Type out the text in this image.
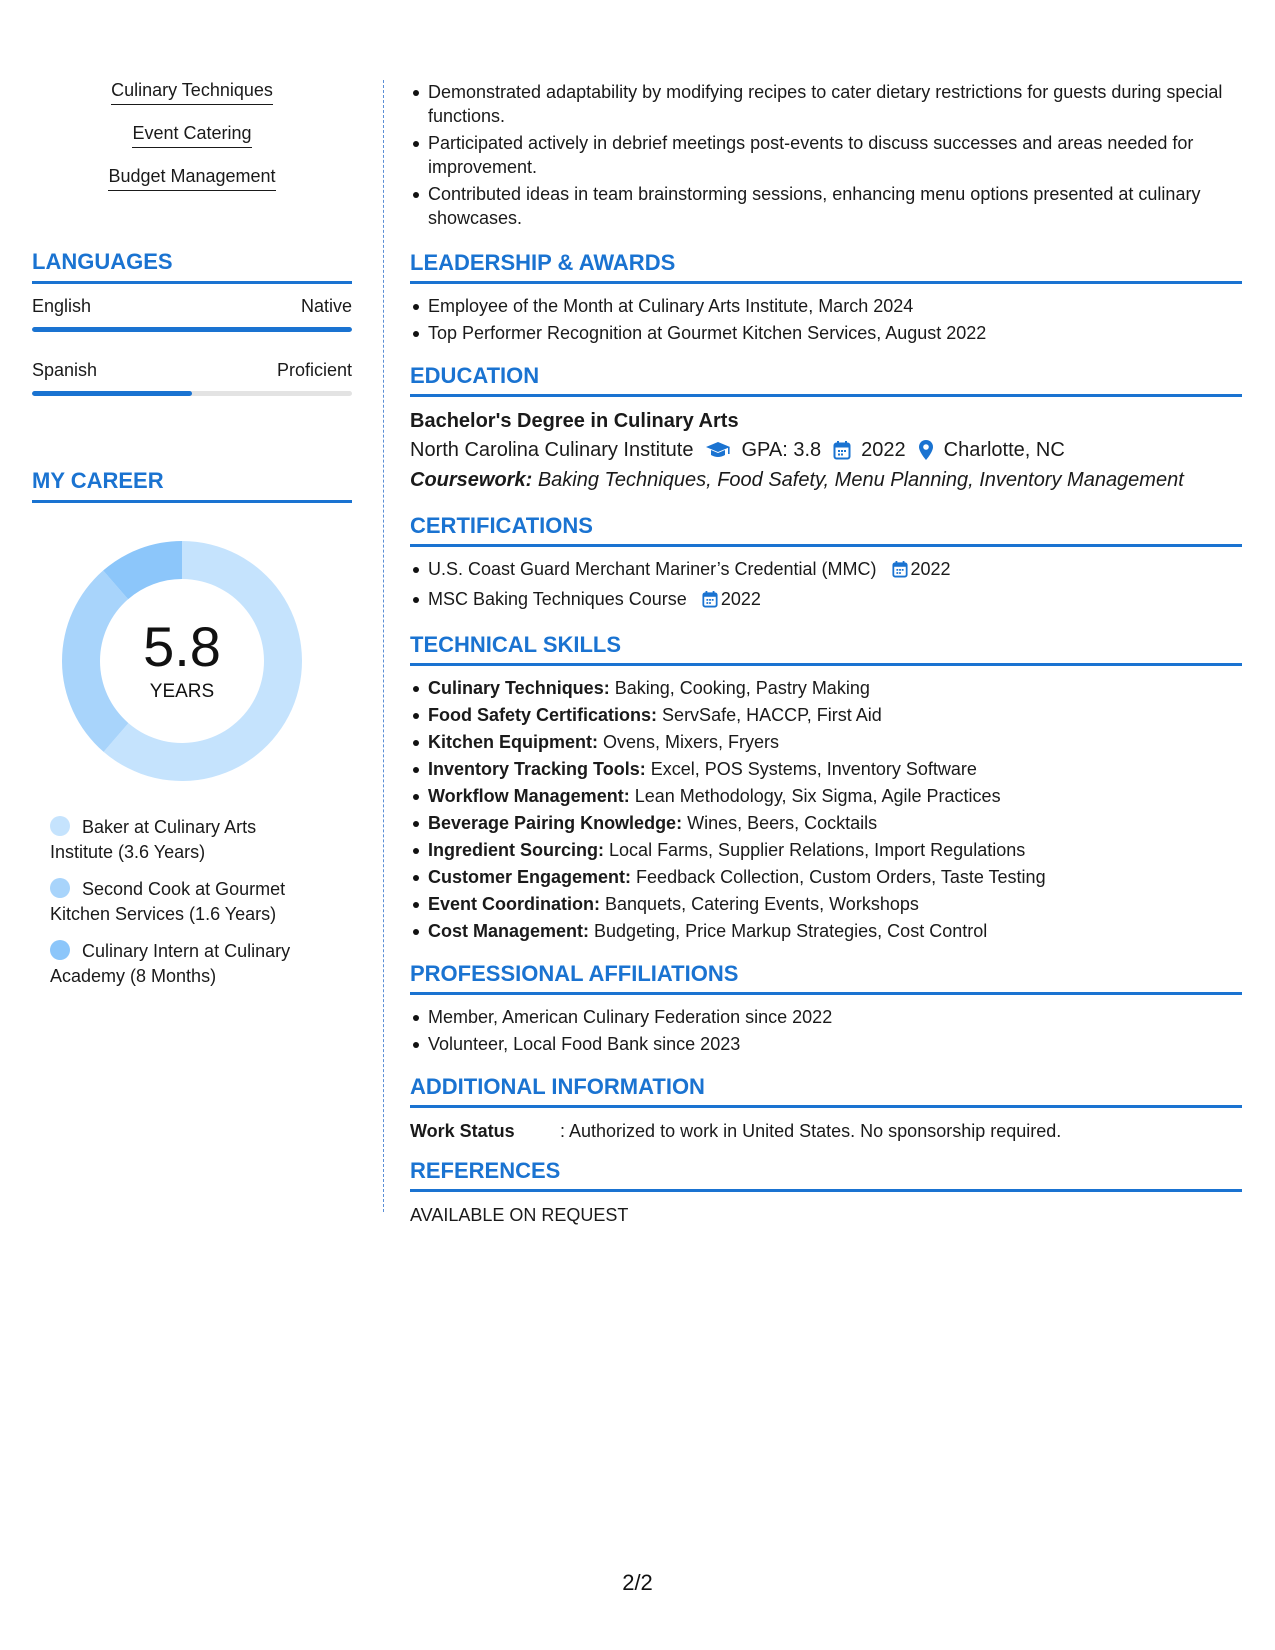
Culinary Techniques
Event Catering
Budget Management
LANGUAGES
English	Native
Spanish	Proficient
MY CAREER
5.8
YEARS
Baker at Culinary Arts Institute (3.6 Years)
Second Cook at Gourmet Kitchen Services (1.6 Years)
Culinary Intern at Culinary Academy (8 Months)
Demonstrated adaptability by modifying recipes to cater dietary restrictions for guests during special functions.
Participated actively in debrief meetings post-events to discuss successes and areas needed for improvement.
Contributed ideas in team brainstorming sessions, enhancing menu options presented at culinary showcases.
LEADERSHIP & AWARDS
Employee of the Month at Culinary Arts Institute, March 2024
Top Performer Recognition at Gourmet Kitchen Services, August 2022
EDUCATION
Bachelor's Degree in Culinary Arts
North Carolina Culinary Institute GPA: 3.8 2022 Charlotte, NC
Coursework: Baking Techniques, Food Safety, Menu Planning, Inventory Management
CERTIFICATIONS
U.S. Coast Guard Merchant Mariner’s Credential (MMC) 2022
MSC Baking Techniques Course 2022
TECHNICAL SKILLS
Culinary Techniques: Baking, Cooking, Pastry Making
Food Safety Certifications: ServSafe, HACCP, First Aid
Kitchen Equipment: Ovens, Mixers, Fryers
Inventory Tracking Tools: Excel, POS Systems, Inventory Software
Workflow Management: Lean Methodology, Six Sigma, Agile Practices
Beverage Pairing Knowledge: Wines, Beers, Cocktails
Ingredient Sourcing: Local Farms, Supplier Relations, Import Regulations
Customer Engagement: Feedback Collection, Custom Orders, Taste Testing
Event Coordination: Banquets, Catering Events, Workshops
Cost Management: Budgeting, Price Markup Strategies, Cost Control
PROFESSIONAL AFFILIATIONS
Member, American Culinary Federation since 2022
Volunteer, Local Food Bank since 2023
ADDITIONAL INFORMATION
Work Status	: Authorized to work in United States. No sponsorship required.
REFERENCES
AVAILABLE ON REQUEST
2/2
